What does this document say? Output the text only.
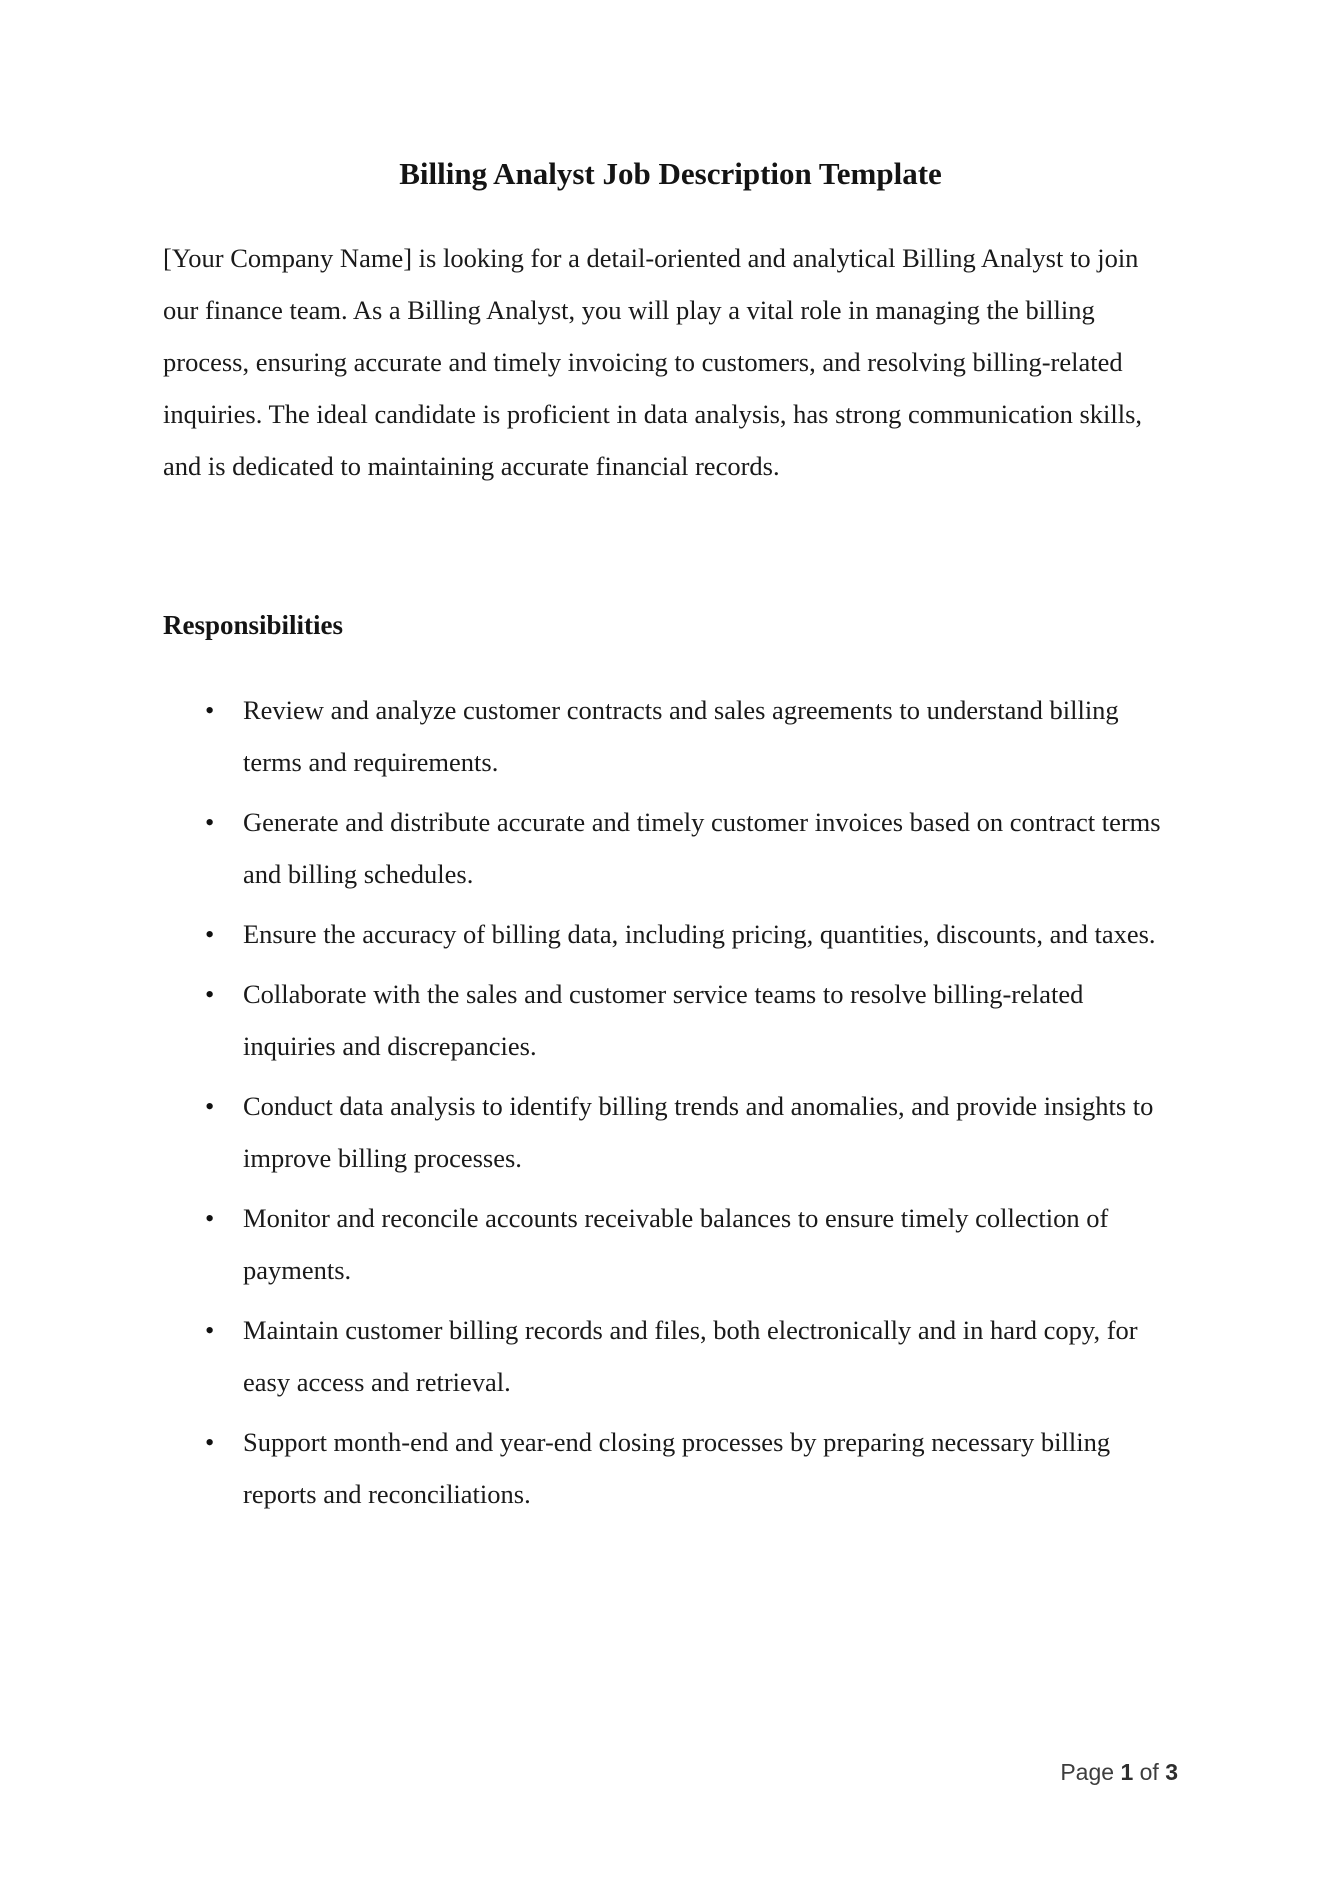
Billing Analyst Job Description Template

[Your Company Name] is looking for a detail-oriented and analytical Billing Analyst to join our finance team. As a Billing Analyst, you will play a vital role in managing the billing process, ensuring accurate and timely invoicing to customers, and resolving billing-related inquiries. The ideal candidate is proficient in data analysis, has strong communication skills, and is dedicated to maintaining accurate financial records.

Responsibilities
• Review and analyze customer contracts and sales agreements to understand billing terms and requirements.
• Generate and distribute accurate and timely customer invoices based on contract terms and billing schedules.
• Ensure the accuracy of billing data, including pricing, quantities, discounts, and taxes.
• Collaborate with the sales and customer service teams to resolve billing-related inquiries and discrepancies.
• Conduct data analysis to identify billing trends and anomalies, and provide insights to improve billing processes.
• Monitor and reconcile accounts receivable balances to ensure timely collection of payments.
• Maintain customer billing records and files, both electronically and in hard copy, for easy access and retrieval.
• Support month-end and year-end closing processes by preparing necessary billing reports and reconciliations.
Page 1 of 3
